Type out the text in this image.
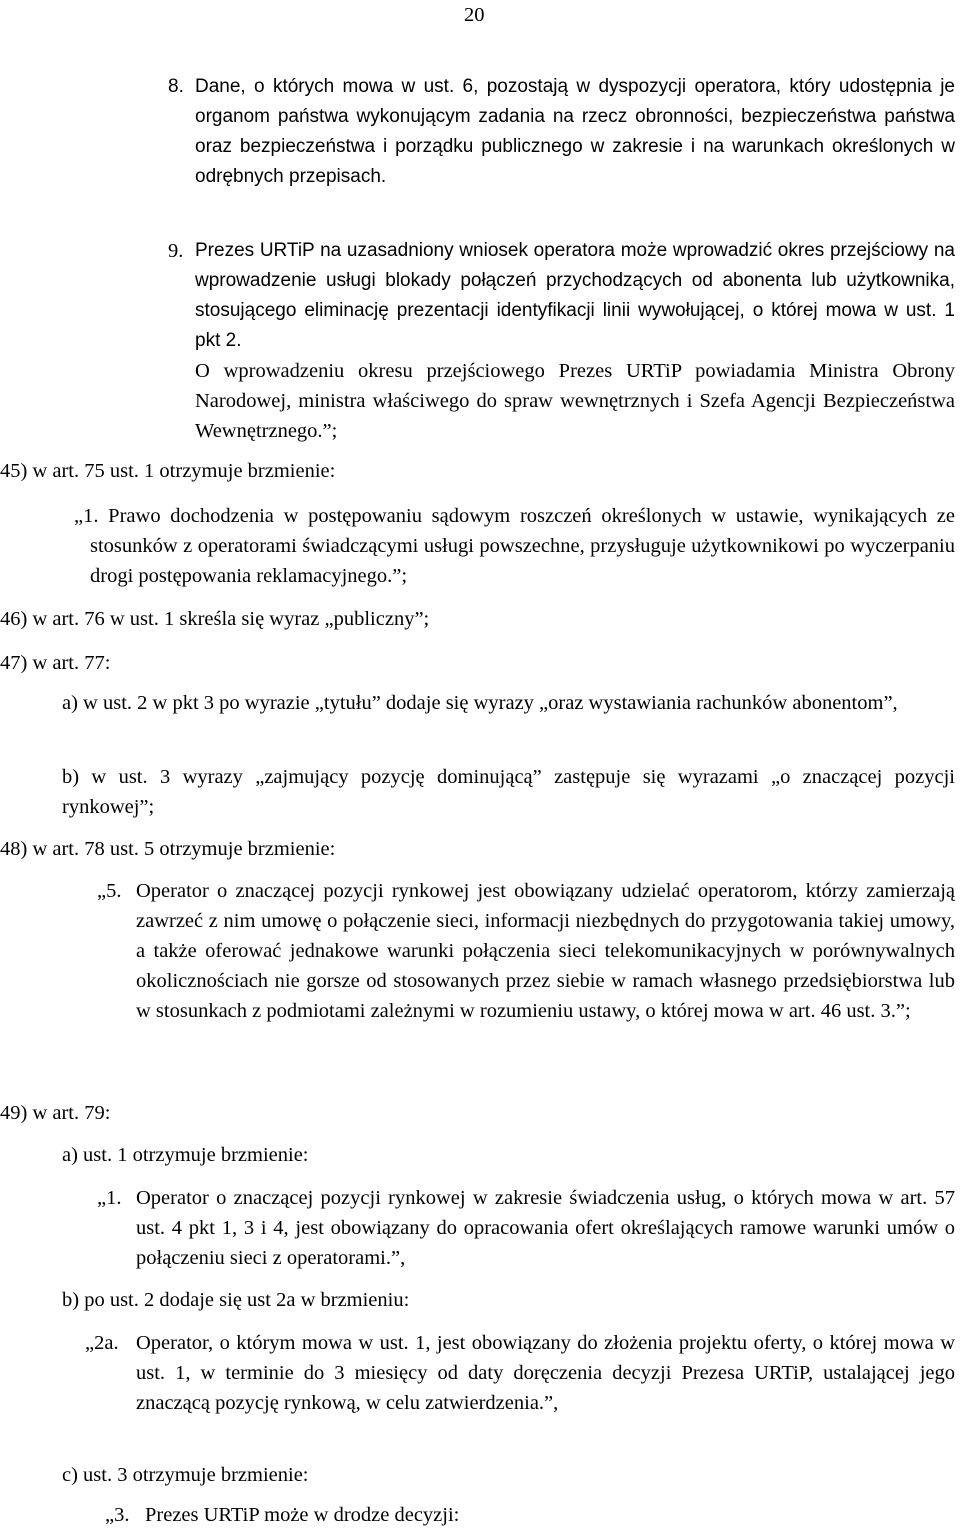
20
8. Dane, o których mowa w ust. 6, pozostają w dyspozycji operatora, który udostępnia je organom państwa wykonującym zadania na rzecz obronności, bezpieczeństwa państwa oraz bezpieczeństwa i porządku publicznego w zakresie i na warunkach określonych w odrębnych przepisach.
9. Prezes URTiP na uzasadniony wniosek operatora może wprowadzić okres przejściowy na wprowadzenie usługi blokady połączeń przychodzących od abonenta lub użytkownika, stosującego eliminację prezentacji identyfikacji linii wywołującej, o której mowa w ust. 1 pkt 2.
O wprowadzeniu okresu przejściowego Prezes URTiP powiadamia Ministra Obrony Narodowej, ministra właściwego do spraw wewnętrznych i Szefa Agencji Bezpieczeństwa Wewnętrznego.”;
45) w art. 75 ust. 1 otrzymuje brzmienie:
„1. Prawo dochodzenia w postępowaniu sądowym roszczeń określonych w ustawie, wynikających ze stosunków z operatorami świadczącymi usługi powszechne, przysługuje użytkownikowi po wyczerpaniu drogi postępowania reklamacyjnego.”;
46) w art. 76 w ust. 1 skreśla się wyraz „publiczny”;
47) w art. 77:
a) w ust. 2 w pkt 3 po wyrazie „tytułu” dodaje się wyrazy „oraz wystawiania rachunków abonentom”,
b) w ust. 3 wyrazy „zajmujący pozycję dominującą” zastępuje się wyrazami „o znaczącej pozycji rynkowej”;
48) w art. 78 ust. 5 otrzymuje brzmienie:
„5. Operator o znaczącej pozycji rynkowej jest obowiązany udzielać operatorom, którzy zamierzają zawrzeć z nim umowę o połączenie sieci, informacji niezbędnych do przygotowania takiej umowy, a także oferować jednakowe warunki połączenia sieci telekomunikacyjnych w porównywalnych okolicznościach nie gorsze od stosowanych przez siebie w ramach własnego przedsiębiorstwa lub w stosunkach z podmiotami zależnymi w rozumieniu ustawy, o której mowa w art. 46 ust. 3.”;
49) w art. 79:
a) ust. 1 otrzymuje brzmienie:
„1. Operator o znaczącej pozycji rynkowej w zakresie świadczenia usług, o których mowa w art. 57 ust. 4 pkt 1, 3 i 4, jest obowiązany do opracowania ofert określających ramowe warunki umów o połączeniu sieci z operatorami.”,
b) po ust. 2 dodaje się ust 2a w brzmieniu:
„2a. Operator, o którym mowa w ust. 1, jest obowiązany do złożenia projektu oferty, o której mowa w ust. 1, w terminie do 3 miesięcy od daty doręczenia decyzji Prezesa URTiP, ustalającej jego znaczącą pozycję rynkową, w celu zatwierdzenia.”,
c) ust. 3 otrzymuje brzmienie:
„3. Prezes URTiP może w drodze decyzji:
